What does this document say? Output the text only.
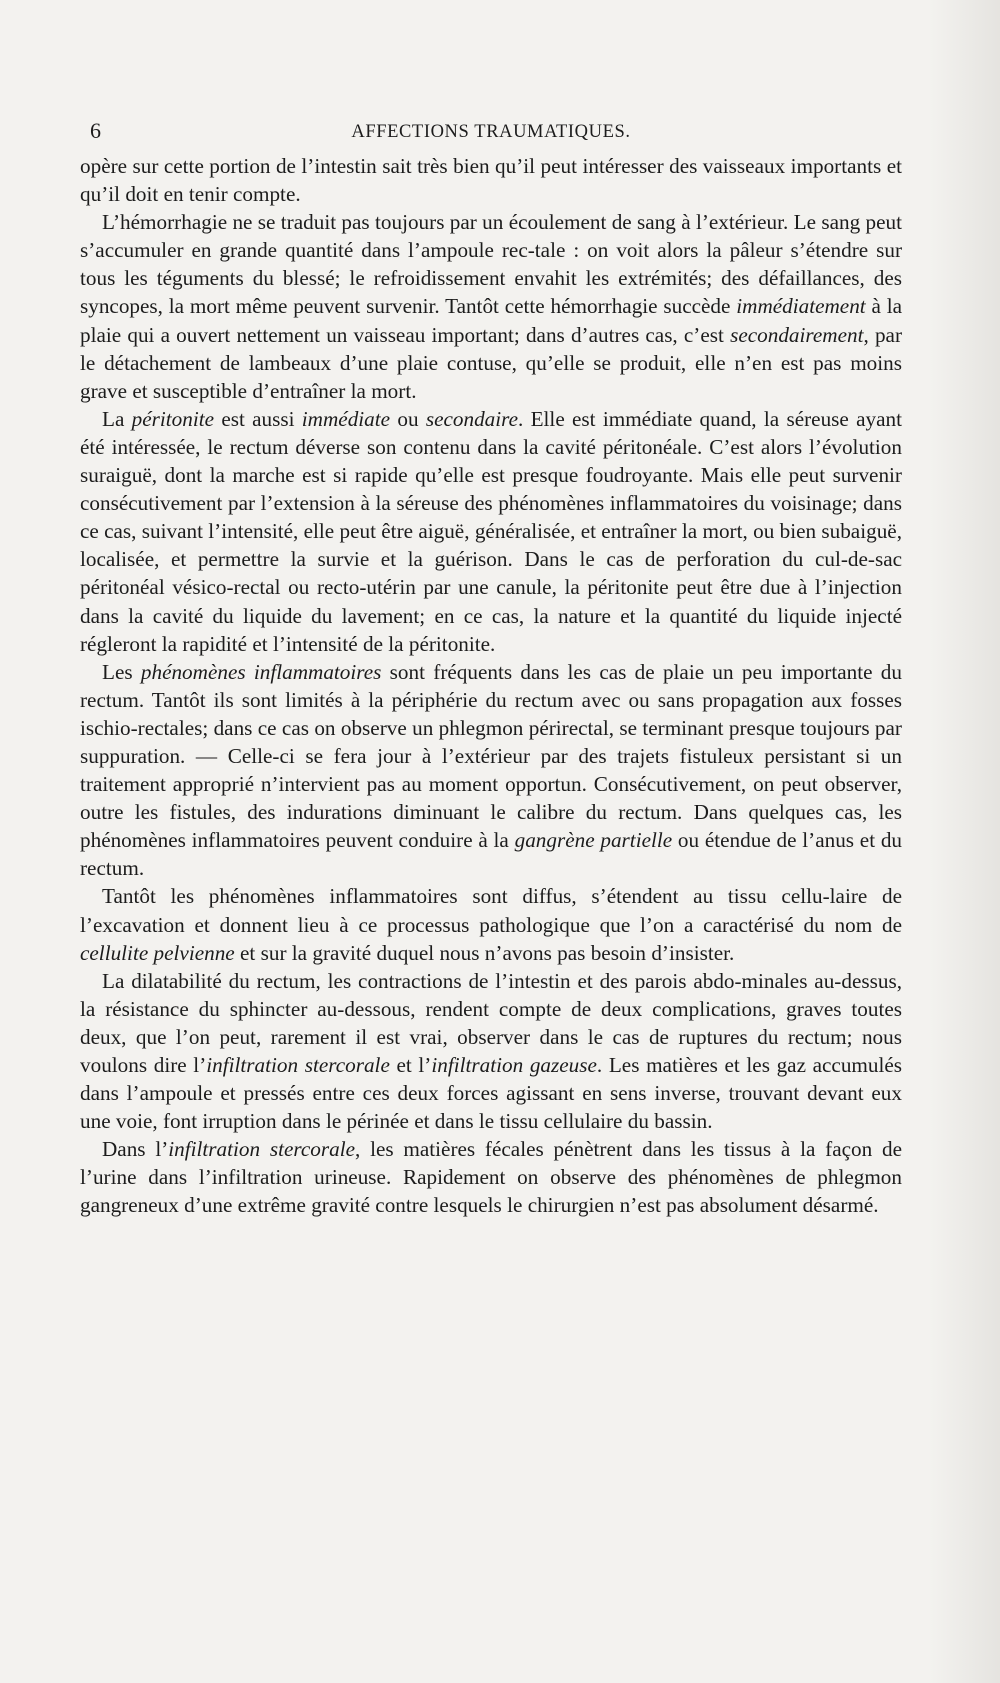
6	AFFECTIONS TRAUMATIQUES.

opère sur cette portion de l’intestin sait très bien qu’il peut intéresser des vaisseaux importants et qu’il doit en tenir compte.

L’hémorrhagie ne se traduit pas toujours par un écoulement de sang à l’extérieur. Le sang peut s’accumuler en grande quantité dans l’ampoule rec-tale : on voit alors la pâleur s’étendre sur tous les téguments du blessé; le refroidissement envahit les extrémités; des défaillances, des syncopes, la mort même peuvent survenir. Tantôt cette hémorrhagie succède immédiatement à la plaie qui a ouvert nettement un vaisseau important; dans d’autres cas, c’est secondairement, par le détachement de lambeaux d’une plaie contuse, qu’elle se produit, elle n’en est pas moins grave et susceptible d’entraîner la mort.

La péritonite est aussi immédiate ou secondaire. Elle est immédiate quand, la séreuse ayant été intéressée, le rectum déverse son contenu dans la cavité péritonéale. C’est alors l’évolution suraiguë, dont la marche est si rapide qu’elle est presque foudroyante. Mais elle peut survenir consécutivement par l’extension à la séreuse des phénomènes inflammatoires du voisinage; dans ce cas, suivant l’intensité, elle peut être aiguë, généralisée, et entraîner la mort, ou bien subaiguë, localisée, et permettre la survie et la guérison. Dans le cas de perforation du cul-de-sac péritonéal vésico-rectal ou recto-utérin par une canule, la péritonite peut être due à l’injection dans la cavité du liquide du lavement; en ce cas, la nature et la quantité du liquide injecté régleront la rapidité et l’intensité de la péritonite.

Les phénomènes inflammatoires sont fréquents dans les cas de plaie un peu importante du rectum. Tantôt ils sont limités à la périphérie du rectum avec ou sans propagation aux fosses ischio-rectales; dans ce cas on observe un phlegmon périrectal, se terminant presque toujours par suppuration. — Celle-ci se fera jour à l’extérieur par des trajets fistuleux persistant si un traitement approprié n’intervient pas au moment opportun. Consécutivement, on peut observer, outre les fistules, des indurations diminuant le calibre du rectum. Dans quelques cas, les phénomènes inflammatoires peuvent conduire à la gangrène partielle ou étendue de l’anus et du rectum.

Tantôt les phénomènes inflammatoires sont diffus, s’étendent au tissu cellu-laire de l’excavation et donnent lieu à ce processus pathologique que l’on a caractérisé du nom de cellulite pelvienne et sur la gravité duquel nous n’avons pas besoin d’insister.

La dilatabilité du rectum, les contractions de l’intestin et des parois abdo-minales au-dessus, la résistance du sphincter au-dessous, rendent compte de deux complications, graves toutes deux, que l’on peut, rarement il est vrai, observer dans le cas de ruptures du rectum; nous voulons dire l’infiltration stercorale et l’infiltration gazeuse. Les matières et les gaz accumulés dans l’ampoule et pressés entre ces deux forces agissant en sens inverse, trouvant devant eux une voie, font irruption dans le périnée et dans le tissu cellulaire du bassin.

Dans l’infiltration stercorale, les matières fécales pénètrent dans les tissus à la façon de l’urine dans l’infiltration urineuse. Rapidement on observe des phénomènes de phlegmon gangreneux d’une extrême gravité contre lesquels le chirurgien n’est pas absolument désarmé.
